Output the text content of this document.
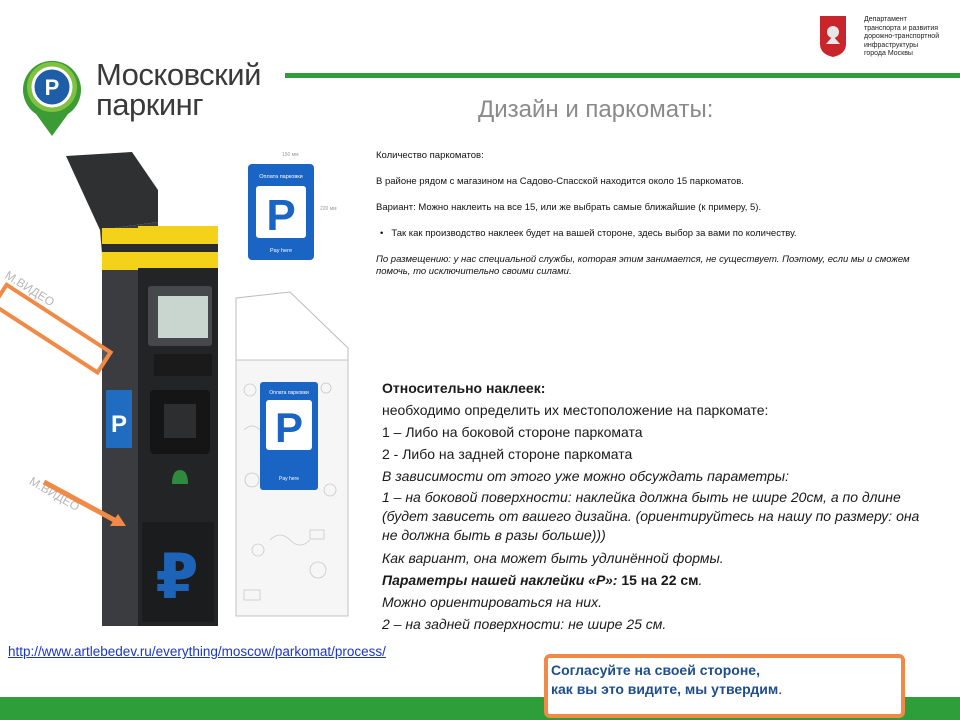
P Московский
паркинг
Департамент
транспорта и развития
дорожно-транспортной
инфраструктуры
города Москвы
Дизайн и паркоматы:
₽
P
150 мм
220 мм
Оплата парковки
P
Pay here
Оплата парковки
P
Pay here
М.ВИДЕО
М.ВИДЕО

Количество паркоматов:

В районе рядом с магазином на Садово-Спасской находится около 15 паркоматов.

Вариант: Можно наклеить на все 15, или же выбрать самые ближайшие (к примеру, 5).

• Так как производство наклеек будет на вашей стороне, здесь выбор за вами по количеству.

По размещению: у нас специальной службы, которая этим занимается, не существует. Поэтому, если мы и сможем помочь, то исключительно своими силами.

Относительно наклеек:
необходимо определить их местоположение на паркомате:
1 – Либо на боковой стороне паркомата
2 - Либо на задней стороне паркомата
В зависимости от этого уже можно обсуждать параметры:
1 – на боковой поверхности: наклейка должна быть не шире 20см, а по длине (будет зависеть от вашего дизайна. (ориентируйтесь на нашу по размеру: она не должна быть в разы больше)))
Как вариант, она может быть удлинённой формы.
Параметры нашей наклейки «Р»: 15 на 22 см.
Можно ориентироваться на них.
2 – на задней поверхности: не шире 25 см.
http://www.artlebedev.ru/everything/moscow/parkomat/process/
Согласуйте на своей стороне,
как вы это видите, мы утвердим.
